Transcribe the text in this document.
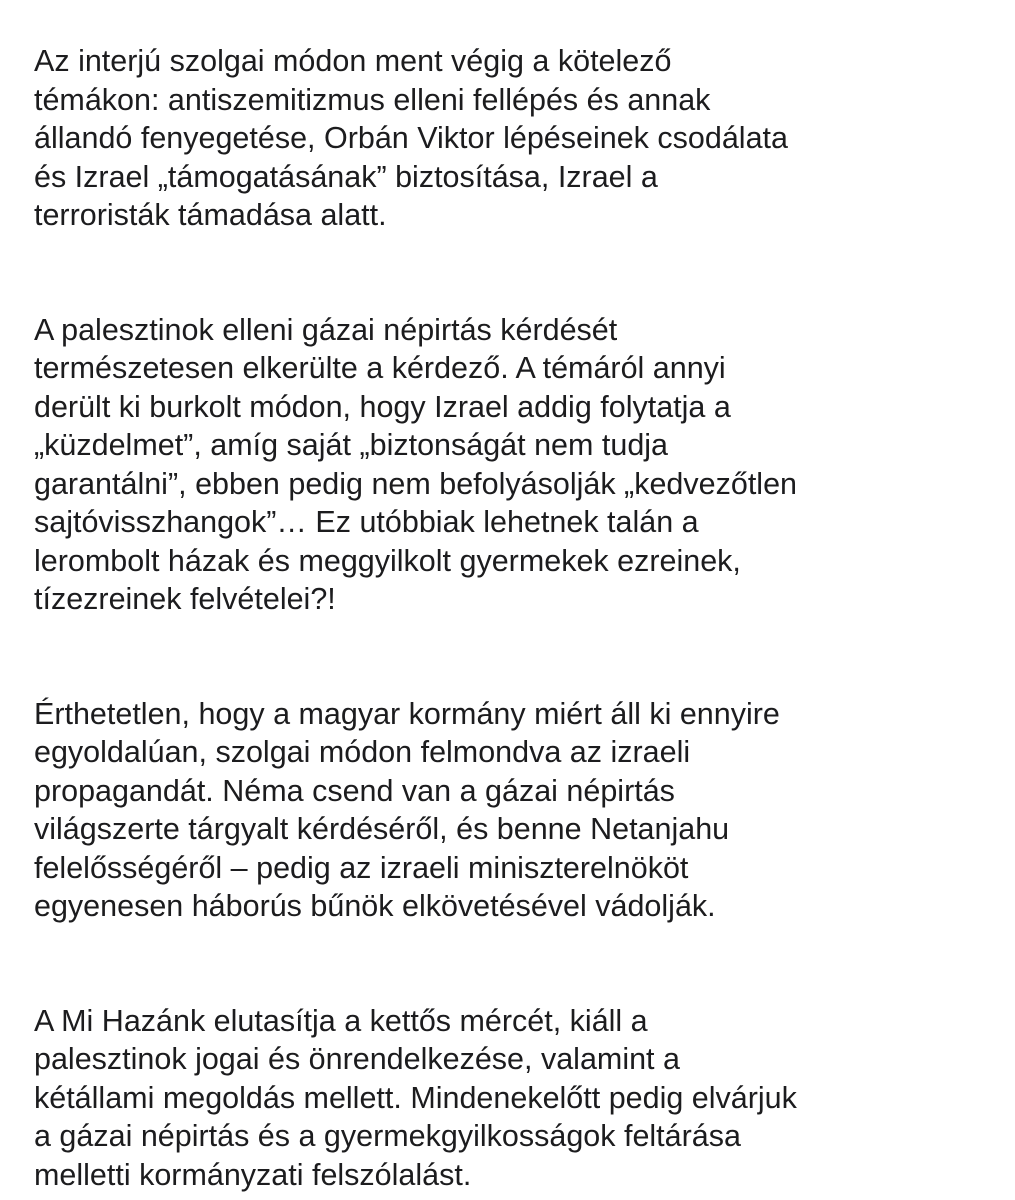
Az interjú szolgai módon ment végig a kötelező
témákon: antiszemitizmus elleni fellépés és annak
állandó fenyegetése, Orbán Viktor lépéseinek csodálata
és Izrael „támogatásának” biztosítása, Izrael a
terroristák támadása alatt.

A palesztinok elleni gázai népirtás kérdését
természetesen elkerülte a kérdező. A témáról annyi
derült ki burkolt módon, hogy Izrael addig folytatja a
„küzdelmet”, amíg saját „biztonságát nem tudja
garantálni”, ebben pedig nem befolyásolják „kedvezőtlen
sajtóvisszhangok”… Ez utóbbiak lehetnek talán a
lerombolt házak és meggyilkolt gyermekek ezreinek,
tízezreinek felvételei?!

Érthetetlen, hogy a magyar kormány miért áll ki ennyire
egyoldalúan, szolgai módon felmondva az izraeli
propagandát. Néma csend van a gázai népirtás
világszerte tárgyalt kérdéséről, és benne Netanjahu
felelősségéről – pedig az izraeli miniszterelnököt
egyenesen háborús bűnök elkövetésével vádolják.

A Mi Hazánk elutasítja a kettős mércét, kiáll a
palesztinok jogai és önrendelkezése, valamint a
kétállami megoldás mellett. Mindenekelőtt pedig elvárjuk
a gázai népirtás és a gyermekgyilkosságok feltárása
melletti kormányzati felszólalást.
